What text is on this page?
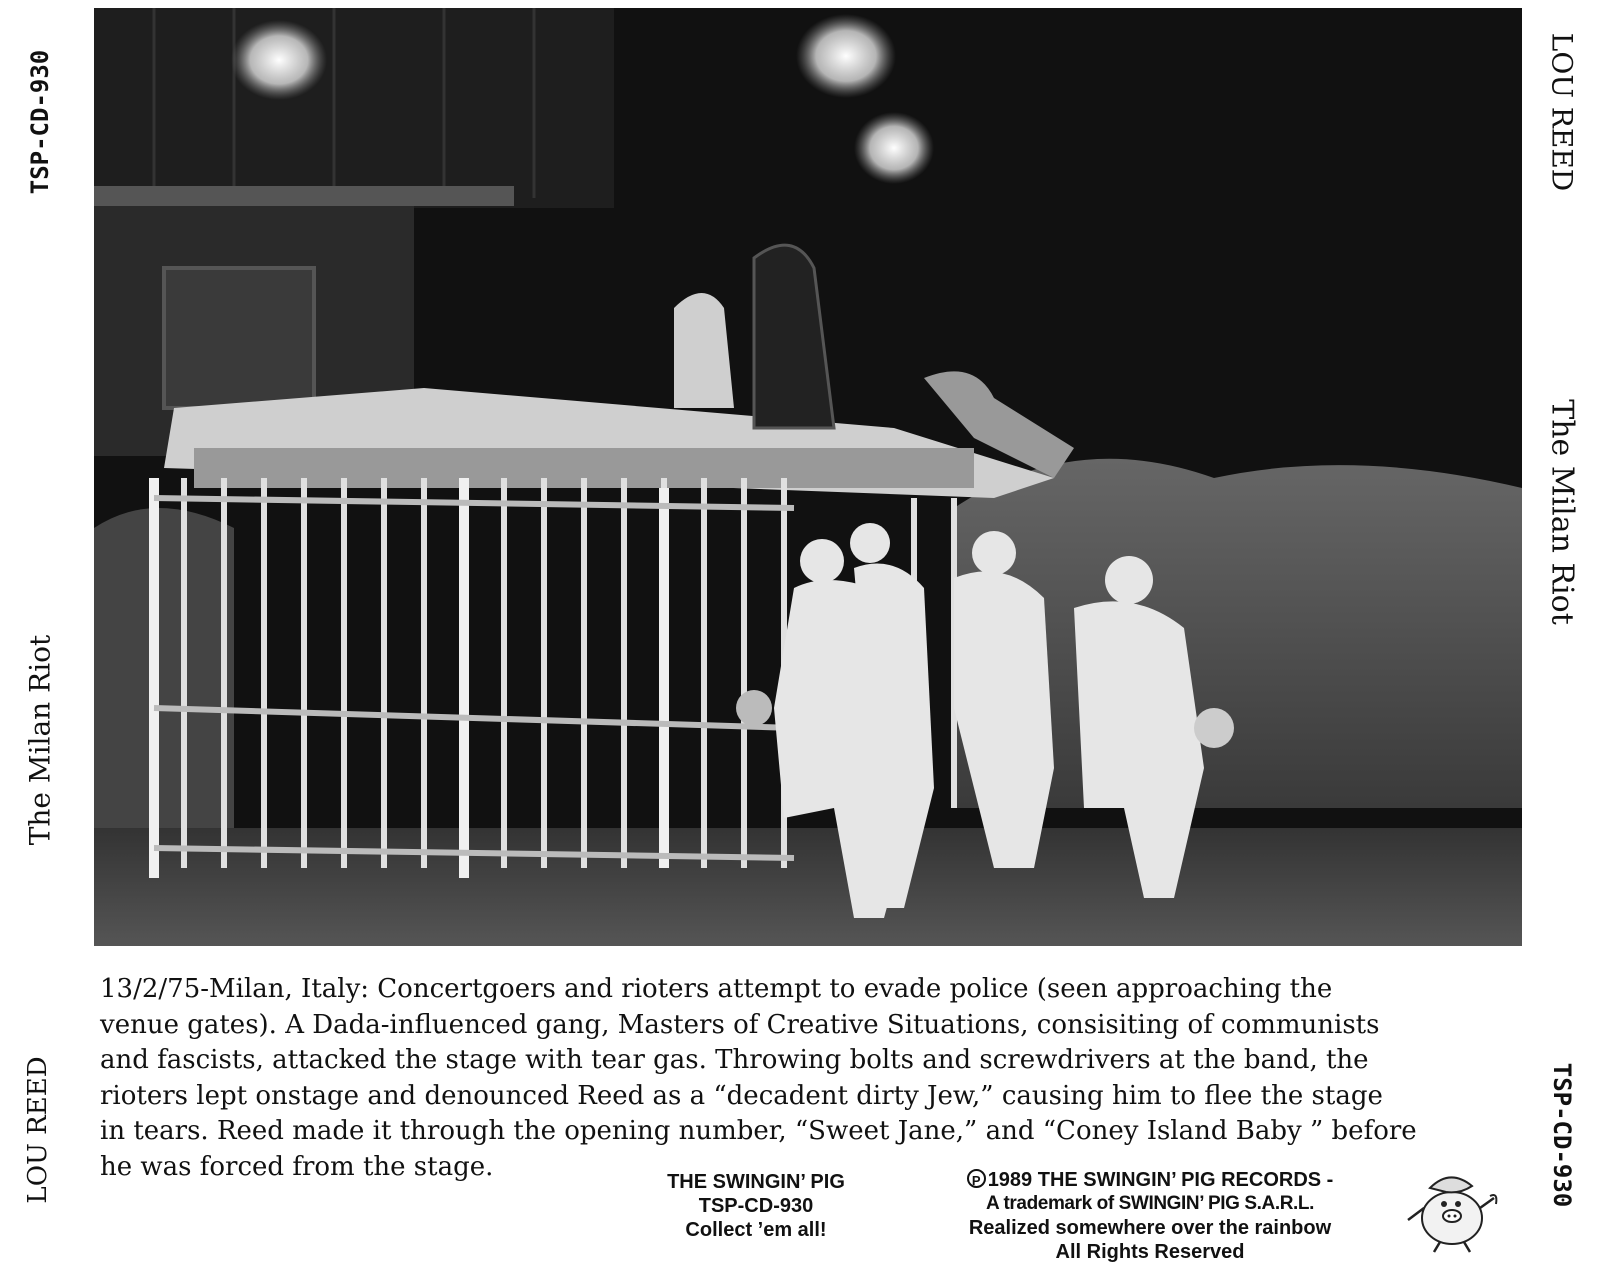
TSP-CD-930
The Milan Riot
LOU REED
LOU REED
The Milan Riot
TSP-CD-930
13/2/75-Milan, Italy: Concertgoers and rioters attempt to evade police (seen approaching the
venue gates). A Dada-influenced gang, Masters of Creative Situations, consisiting of communists
and fascists, attacked the stage with tear gas. Throwing bolts and screwdrivers at the band, the
rioters lept onstage and denounced Reed as a “decadent dirty Jew,” causing him to flee the stage
in tears. Reed made it through the opening number, “Sweet Jane,” and “Coney Island Baby ” before
he was forced from the stage.
THE SWINGIN’ PIG
TSP-CD-930
Collect ’em all!
P 1989 THE SWINGIN’ PIG RECORDS -
A trademark of SWINGIN’ PIG S.A.R.L.
Realized somewhere over the rainbow
All Rights Reserved
